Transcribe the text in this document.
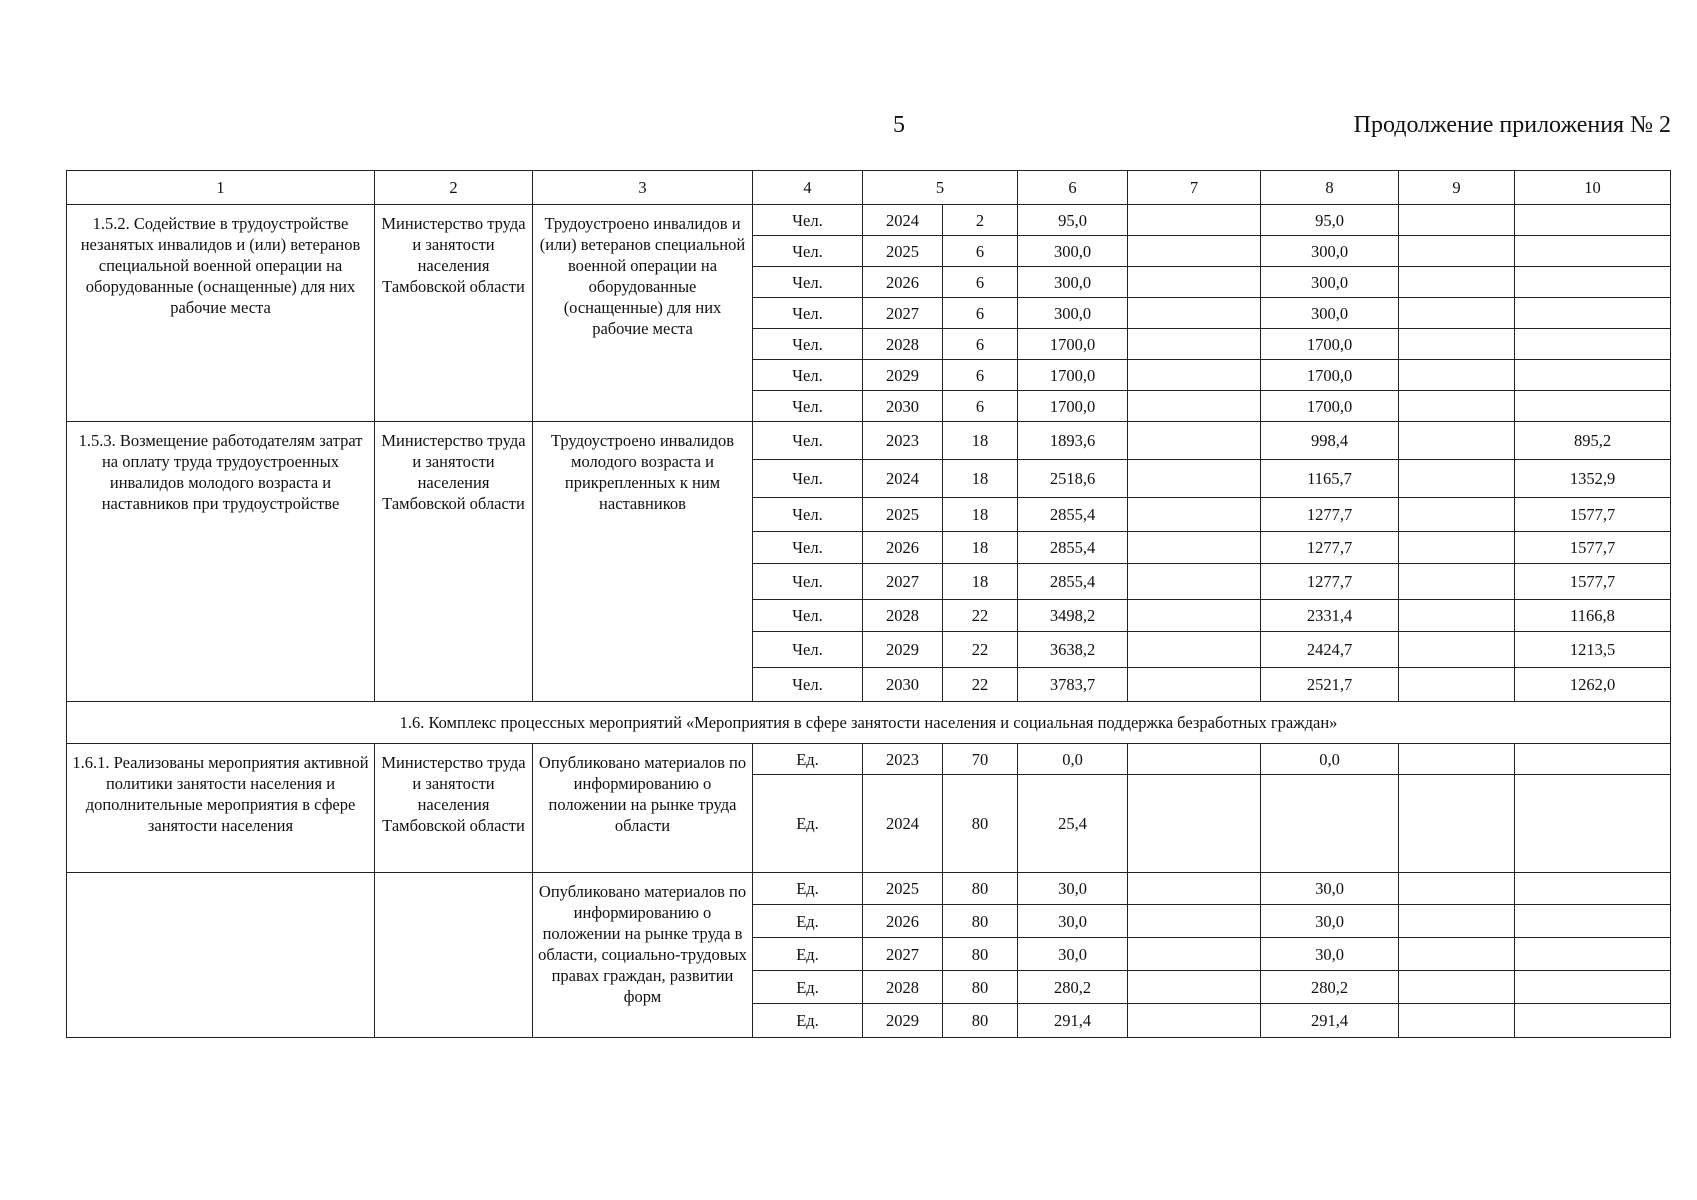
5	Продолжение приложения № 2
1	2	3	4	5		6	7	8	9	10
1.5.2. Содействие в трудоустройстве незанятых инвалидов и (или) ветеранов специальной военной операции на оборудованные (оснащенные) для них рабочие места	Министерство труда и занятости населения Тамбовской области	Трудоустроено инвалидов и (или) ветеранов специальной военной операции на оборудованные (оснащенные) для них рабочие места	Чел.	2024	2	95,0		95,0		
			Чел.	2025	6	300,0		300,0		
			Чел.	2026	6	300,0		300,0		
			Чел.	2027	6	300,0		300,0		
			Чел.	2028	6	1700,0		1700,0		
			Чел.	2029	6	1700,0		1700,0		
			Чел.	2030	6	1700,0		1700,0		
1.5.3. Возмещение работодателям затрат на оплату труда трудоустроенных инвалидов молодого возраста и наставников при трудоустройстве	Министерство труда и занятости населения Тамбовской области	Трудоустроено инвалидов молодого возраста и прикрепленных к ним наставников	Чел.	2023	18	1893,6		998,4		895,2
			Чел.	2024	18	2518,6		1165,7		1352,9
			Чел.	2025	18	2855,4		1277,7		1577,7
			Чел.	2026	18	2855,4		1277,7		1577,7
			Чел.	2027	18	2855,4		1277,7		1577,7
			Чел.	2028	22	3498,2		2331,4		1166,8
			Чел.	2029	22	3638,2		2424,7		1213,5
			Чел.	2030	22	3783,7		2521,7		1262,0
1.6. Комплекс процессных мероприятий «Мероприятия в сфере занятости населения и социальная поддержка безработных граждан»										
1.6.1. Реализованы мероприятия активной политики занятости населения и дополнительные мероприятия в сфере занятости населения	Министерство труда и занятости населения Тамбовской области	Опубликовано материалов по информированию о положении на рынке труда области	Ед.	2023	70	0,0		0,0		
			Ед.	2024	80	25,4				
		Опубликовано материалов по информированию о положении на рынке труда в области, социально-трудовых правах граждан, развитии форм	Ед.	2025	80	30,0		30,0		
			Ед.	2026	80	30,0		30,0		
			Ед.	2027	80	30,0		30,0		
			Ед.	2028	80	280,2		280,2		
			Ед.	2029	80	291,4		291,4		
